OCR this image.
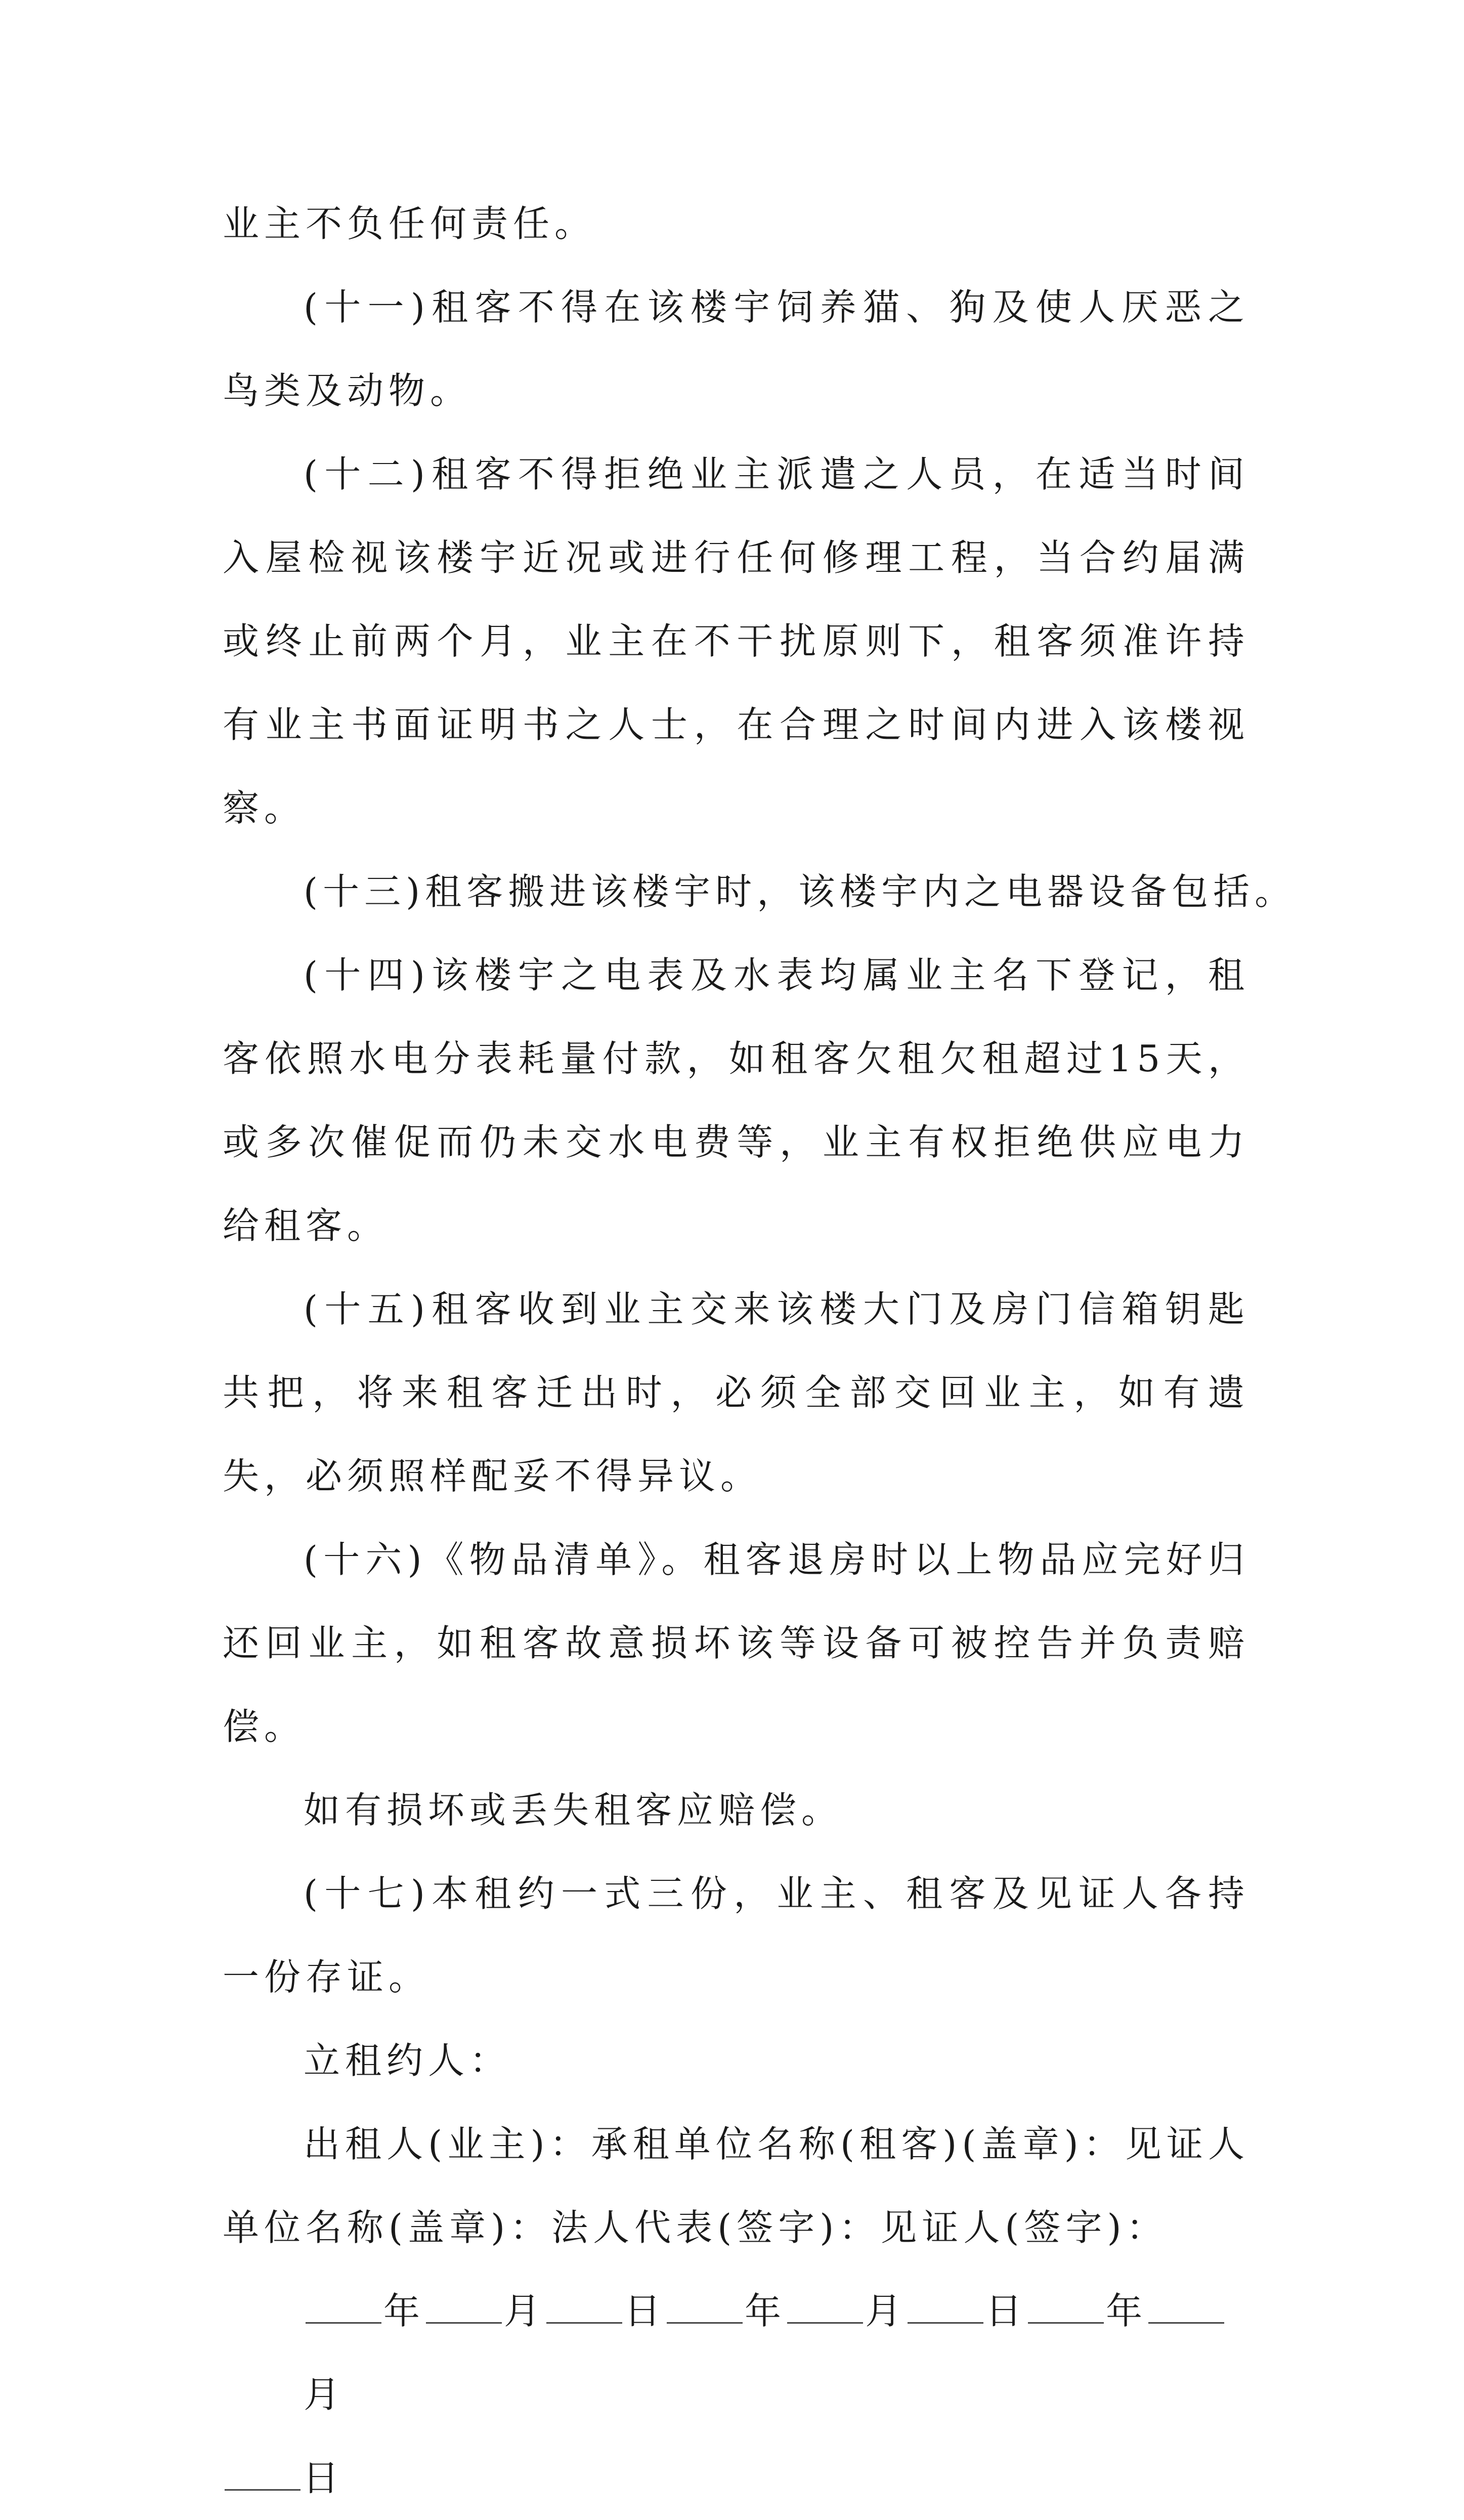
业主不负任何责任。

(十一)租客不得在该楼宇饲养猫、狗及使人厌恶之鸟类及动物。

(十二)租客不得拒绝业主派遣之人员，在适当时间入屋检视该楼宇近况或进行任何修理工程，当合约届满或终止前两个月，业主在不干扰原则下，租客须准许持有业主书面证明书之人士，在合理之时间内进入该楼视察。

(十三)租客搬进该楼宇时，该楼宇内之电器设备包括。

(十四)该楼宇之电表及水表均属业主名下登记，租客依照水电分表耗量付款，如租客欠租欠租超过15天，或多次催促而仍未交水电费等，业主有权拒绝供应电力给租客。

(十五)租客收到业主交来该楼大门及房门信箱钥匙共把，将来租客迁出时，必须全部交回业主，如有遗失，必须照样配妥不得异议。

(十六)《物品清单》。租客退房时以上物品应完好归还回业主，如租客故意损坏该等设备可被控告并负责赔偿。

如有损坏或丢失租客应赔偿。

(十七)本租约一式三份，业主、租客及见证人各持一份存证。

立租约人：

出租人(业主)：承租单位名称(租客)(盖章)：见证人单位名称(盖章)：法人代表(签字)：见证人(签字)：

年 月 日 年 月 日 年月

日
